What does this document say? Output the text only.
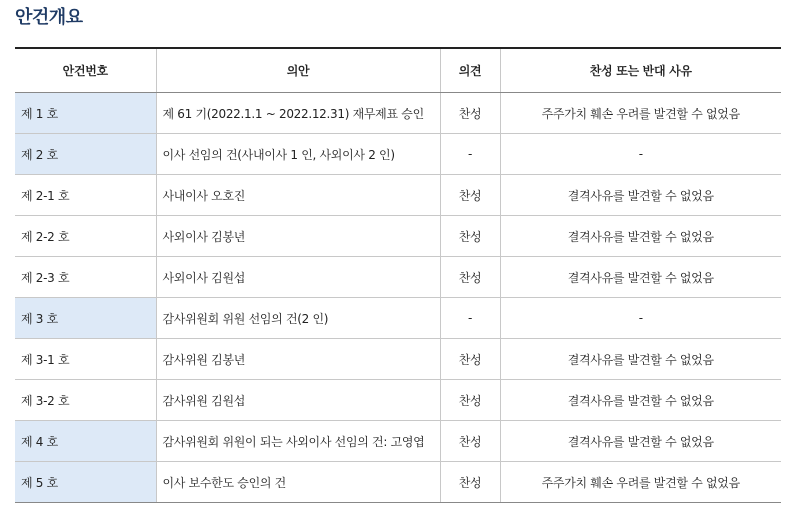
안건개요
안건번호	의안	의견	찬성 또는 반대 사유
제 1 호	제 61 기(2022.1.1 ~ 2022.12.31) 재무제표 승인	찬성	주주가치 훼손 우려를 발견할 수 없었음
제 2 호	이사 선임의 건(사내이사 1 인, 사외이사 2 인)	-	-
제 2-1 호	사내이사 오호진	찬성	결격사유를 발견할 수 없었음
제 2-2 호	사외이사 김봉년	찬성	결격사유를 발견할 수 없었음
제 2-3 호	사외이사 김원섭	찬성	결격사유를 발견할 수 없었음
제 3 호	감사위원회 위원 선임의 건(2 인)	-	-
제 3-1 호	감사위원 김봉년	찬성	결격사유를 발견할 수 없었음
제 3-2 호	감사위원 김원섭	찬성	결격사유를 발견할 수 없었음
제 4 호	감사위원회 위원이 되는 사외이사 선임의 건: 고영엽	찬성	결격사유를 발견할 수 없었음
제 5 호	이사 보수한도 승인의 건	찬성	주주가치 훼손 우려를 발견할 수 없었음
